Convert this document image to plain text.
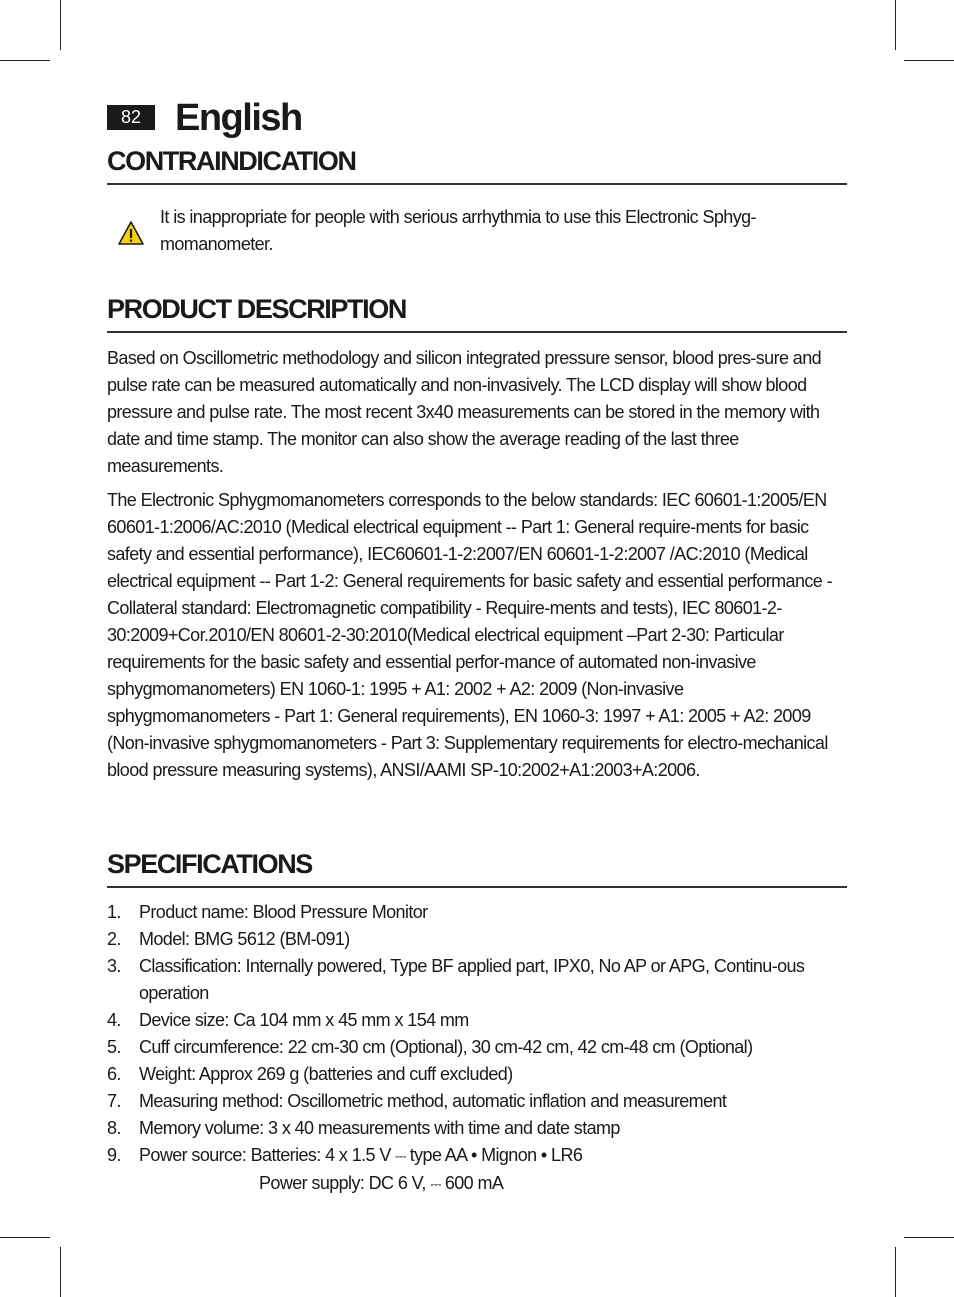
82 English
CONTRAINDICATION

It is inappropriate for people with serious arrhythmia to use this Electronic Sphyg-momanometer.

PRODUCT DESCRIPTION

Based on Oscillometric methodology and silicon integrated pressure sensor, blood pres-sure and pulse rate can be measured automatically and non-invasively. The LCD display will show blood pressure and pulse rate. The most recent 3x40 measurements can be stored in the memory with date and time stamp. The monitor can also show the average reading of the last three measurements.

The Electronic Sphygmomanometers corresponds to the below standards: IEC 60601-1:2005/EN 60601-1:2006/AC:2010 (Medical electrical equipment -- Part 1: General require-ments for basic safety and essential performance), IEC60601-1-2:2007/EN 60601-1-2:2007 /AC:2010 (Medical electrical equipment -- Part 1-2: General requirements for basic safety and essential performance - Collateral standard: Electromagnetic compatibility - Require-ments and tests), IEC 80601-2-30:2009+Cor.2010/EN 80601-2-30:2010(Medical electrical equipment –Part 2-30: Particular requirements for the basic safety and essential perfor-mance of automated non-invasive sphygmomanometers) EN 1060-1: 1995 + A1: 2002 + A2: 2009 (Non-invasive sphygmomanometers - Part 1: General requirements), EN 1060-3: 1997 + A1: 2005 + A2: 2009 (Non-invasive sphygmomanometers - Part 3: Supplementary requirements for electro-mechanical blood pressure measuring systems), ANSI/AAMI SP-10:2002+A1:2003+A:2006.

SPECIFICATIONS
1. Product name: Blood Pressure Monitor
2. Model: BMG 5612 (BM-091)
3. Classification: Internally powered, Type BF applied part, IPX0, No AP or APG, Continu-ous operation
4. Device size: Ca 104 mm x 45 mm x 154 mm
5. Cuff circumference: 22 cm-30 cm (Optional), 30 cm-42 cm, 42 cm-48 cm (Optional)
6. Weight: Approx 269 g (batteries and cuff excluded)
7. Measuring method: Oscillometric method, automatic inflation and measurement
8. Memory volume: 3 x 40 measurements with time and date stamp
9. Power source: Batteries: 4 x 1.5 V ⎓ type AA • Mignon • LR6
Power supply: DC 6 V, ⎓ 600 mA
